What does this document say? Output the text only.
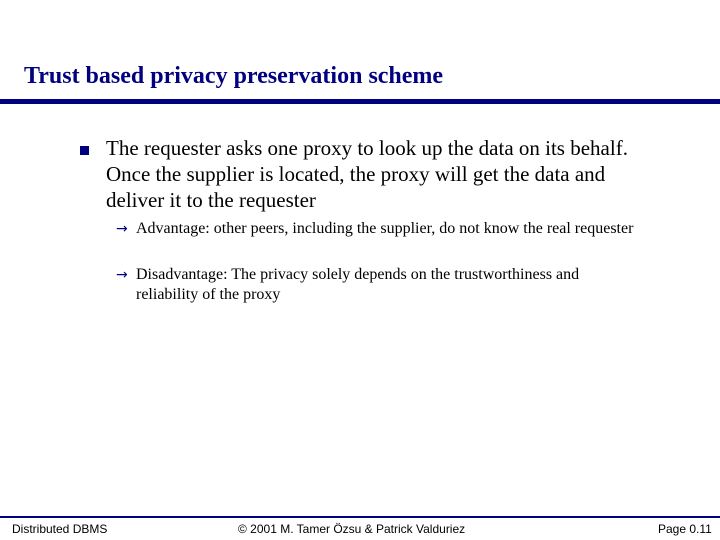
Trust based privacy preservation scheme
The requester asks one proxy to look up the data on its behalf. Once the supplier is located, the proxy will get the data and deliver it to the requester
→ Advantage: other peers, including the supplier, do not know the real requester
→ Disadvantage: The privacy solely depends on the trustworthiness and reliability of the proxy
Distributed DBMS	© 2001 M. Tamer Özsu & Patrick Valduriez	Page 0.11
